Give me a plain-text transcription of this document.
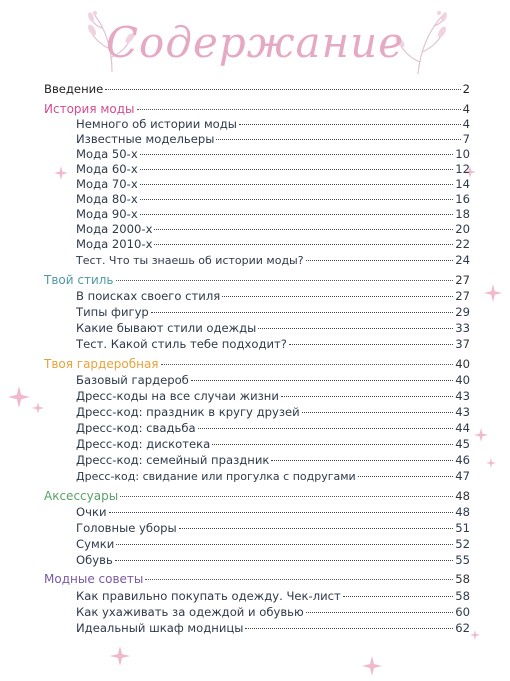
Содержание
Введение	2
История моды	4
Немного об истории моды	4
Известные модельеры	7
Мода 50-х	10
Мода 60-х	12
Мода 70-х	14
Мода 80-х	16
Мода 90-х	18
Мода 2000-х	20
Мода 2010-х	22
Тест. Что ты знаешь об истории моды?	24
Твой стиль	27
В поисках своего стиля	27
Типы фигур	29
Какие бывают стили одежды	33
Тест. Какой стиль тебе подходит?	37
Твоя гардеробная	40
Базовый гардероб	40
Дресс-коды на все случаи жизни	43
Дресс-код: праздник в кругу друзей	43
Дресс-код: свадьба	44
Дресс-код: дискотека	45
Дресс-код: семейный праздник	46
Дресс-код: свидание или прогулка с подругами	47
Аксессуары	48
Очки	48
Головные уборы	51
Сумки	52
Обувь	55
Модные советы	58
Как правильно покупать одежду. Чек-лист	58
Как ухаживать за одеждой и обувью	60
Идеальный шкаф модницы	62
